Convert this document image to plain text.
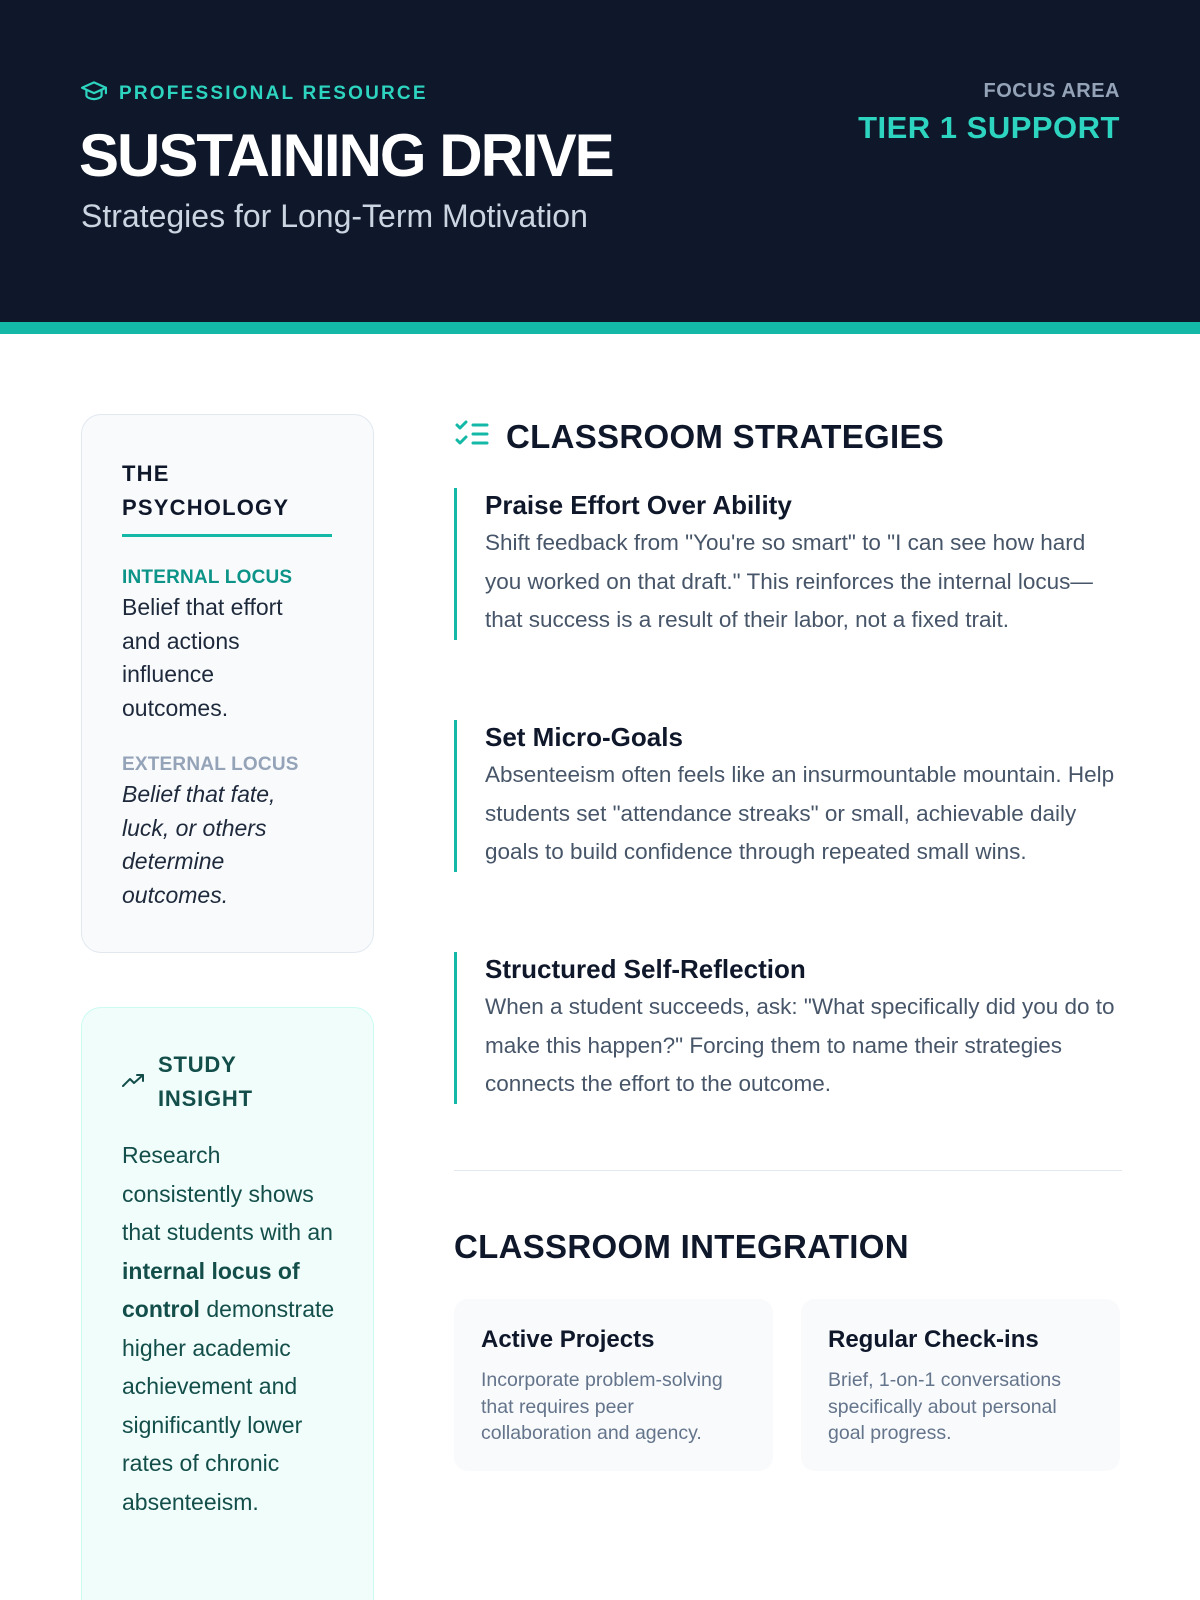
PROFESSIONAL RESOURCE
SUSTAINING DRIVE
Strategies for Long-Term Motivation
FOCUS AREA
TIER 1 SUPPORT
THE PSYCHOLOGY
INTERNAL LOCUS
Belief that effort and actions influence outcomes.
EXTERNAL LOCUS
Belief that fate, luck, or others determine outcomes.
STUDY INSIGHT
Research consistently shows that students with an internal locus of control demonstrate higher academic achievement and significantly lower rates of chronic absenteeism.
CLASSROOM STRATEGIES
Praise Effort Over Ability
Shift feedback from "You're so smart" to "I can see how hard you worked on that draft." This reinforces the internal locus—that success is a result of their labor, not a fixed trait.
Set Micro-Goals
Absenteeism often feels like an insurmountable mountain. Help students set "attendance streaks" or small, achievable daily goals to build confidence through repeated small wins.
Structured Self-Reflection
When a student succeeds, ask: "What specifically did you do to make this happen?" Forcing them to name their strategies connects the effort to the outcome.
CLASSROOM INTEGRATION
Active Projects
Incorporate problem-solving that requires peer collaboration and agency.
Regular Check-ins
Brief, 1-on-1 conversations specifically about personal goal progress.
